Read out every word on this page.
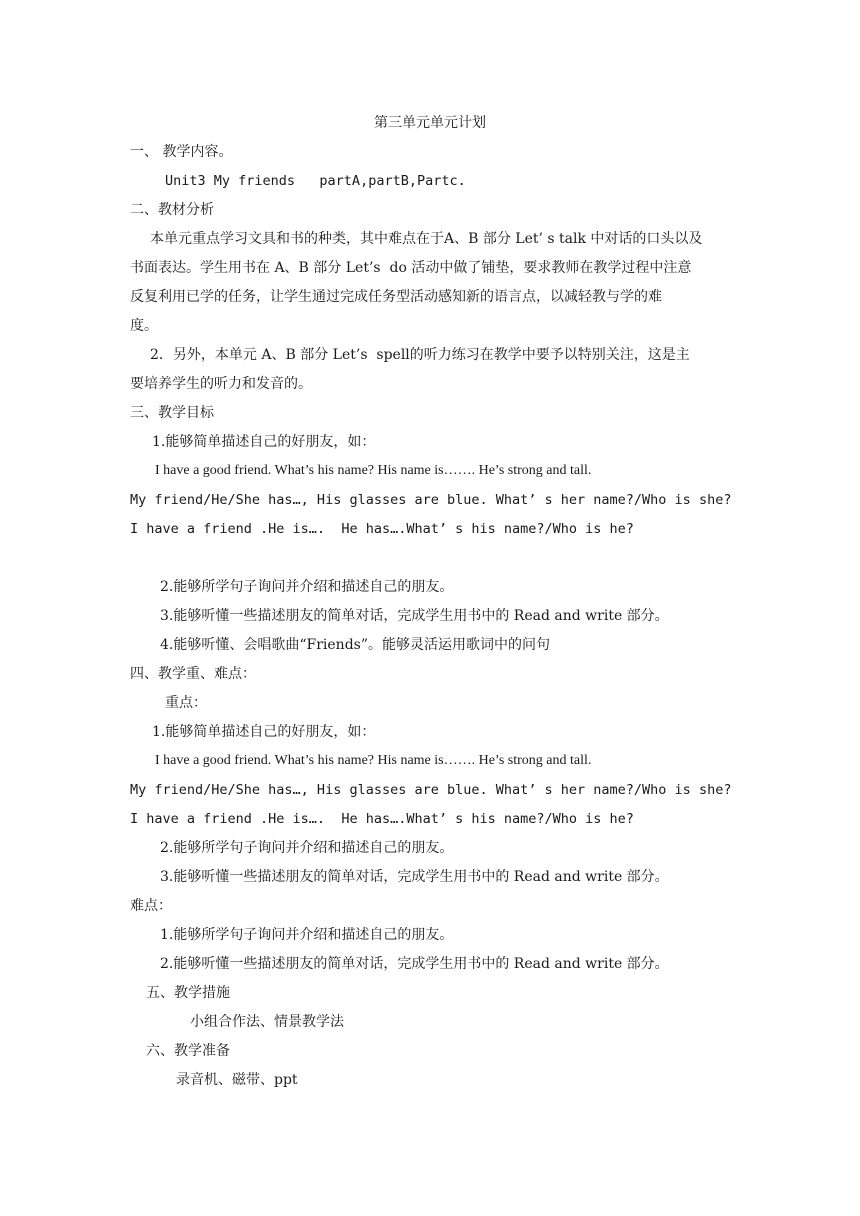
第三单元单元计划
一、 教学内容。
Unit3 My friends   partA,partB,Partc.
二、教材分析
本单元重点学习文具和书的种类，其中难点在于A、B 部分 Let’ s talk 中对话的口头以及
书面表达。学生用书在 A、B 部分 Let’s  do 活动中做了铺垫，要求教师在教学过程中注意
反复利用已学的任务，让学生通过完成任务型活动感知新的语言点，以减轻教与学的难
度。
2．另外，本单元 A、B 部分 Let’s  spell的听力练习在教学中要予以特别关注，这是主
要培养学生的听力和发音的。
三、教学目标
1.能够简单描述自己的好朋友，如：
I have a good friend. What’s his name? His name is……. He’s strong and tall.
My friend/He/She has…, His glasses are blue. What’ s her name?/Who is she?
I have a friend .He is….  He has….What’ s his name?/Who is he?
2.能够所学句子询问并介绍和描述自己的朋友。
3.能够听懂一些描述朋友的简单对话，完成学生用书中的 Read and write 部分。
4.能够听懂、会唱歌曲“Friends”。能够灵活运用歌词中的问句
四、教学重、难点：
重点：
1.能够简单描述自己的好朋友，如：
I have a good friend. What’s his name? His name is……. He’s strong and tall.
My friend/He/She has…, His glasses are blue. What’ s her name?/Who is she?
I have a friend .He is….  He has….What’ s his name?/Who is he?
2.能够所学句子询问并介绍和描述自己的朋友。
3.能够听懂一些描述朋友的简单对话，完成学生用书中的 Read and write 部分。
难点：
1.能够所学句子询问并介绍和描述自己的朋友。
2.能够听懂一些描述朋友的简单对话，完成学生用书中的 Read and write 部分。
五、教学措施
小组合作法、情景教学法
六、教学准备
录音机、磁带、ppt
